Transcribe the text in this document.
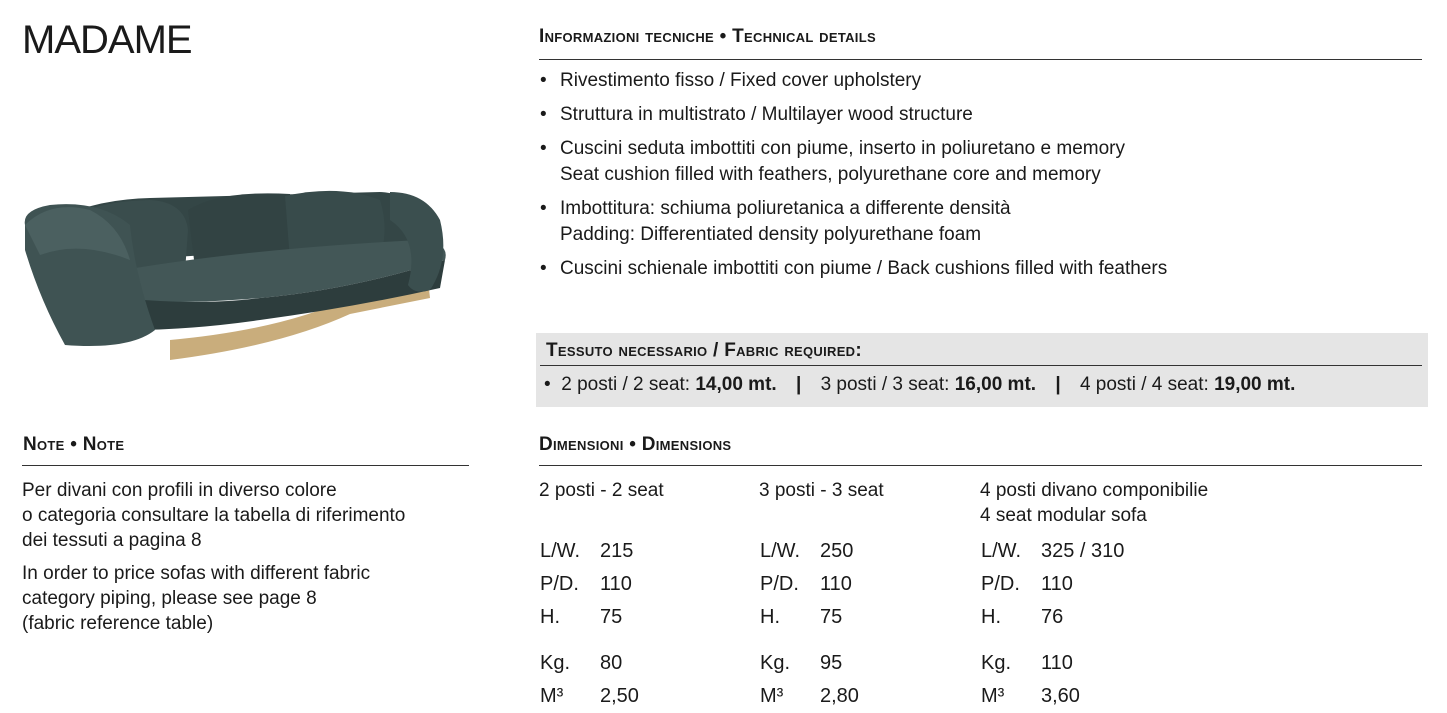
MADAME	Informazioni tecniche • Technical details
• Rivestimento fisso / Fixed cover upholstery
• Struttura in multistrato / Multilayer wood structure
• Cuscini seduta imbottiti con piume, inserto in poliuretano e memory
Seat cushion filled with feathers, polyurethane core and memory
• Imbottitura: schiuma poliuretanica a differente densità
Padding: Differentiated density polyurethane foam
• Cuscini schienale imbottiti con piume / Back cushions filled with feathers
Tessuto necessario / Fabric required:
• 2 posti / 2 seat: 14,00 mt. | 3 posti / 3 seat: 16,00 mt. | 4 posti / 4 seat: 19,00 mt.
Note • Note

Per divani con profili in diverso colore
o categoria consultare la tabella di riferimento
dei tessuti a pagina 8

In order to price sofas with different fabric
category piping, please see page 8
(fabric reference table)

Dimensioni • Dimensions
2 posti - 2 seat	3 posti - 3 seat	4 posti divano componibilie
4 seat modular sofa
L/W.	215
P/D.	110
H.	75

Kg.	80
M³	2,50
L/W.	250
P/D.	110
H.	75

Kg.	95
M³	2,80
L/W.	325 / 310
P/D.	110
H.	76

Kg.	110
M³	3,60
